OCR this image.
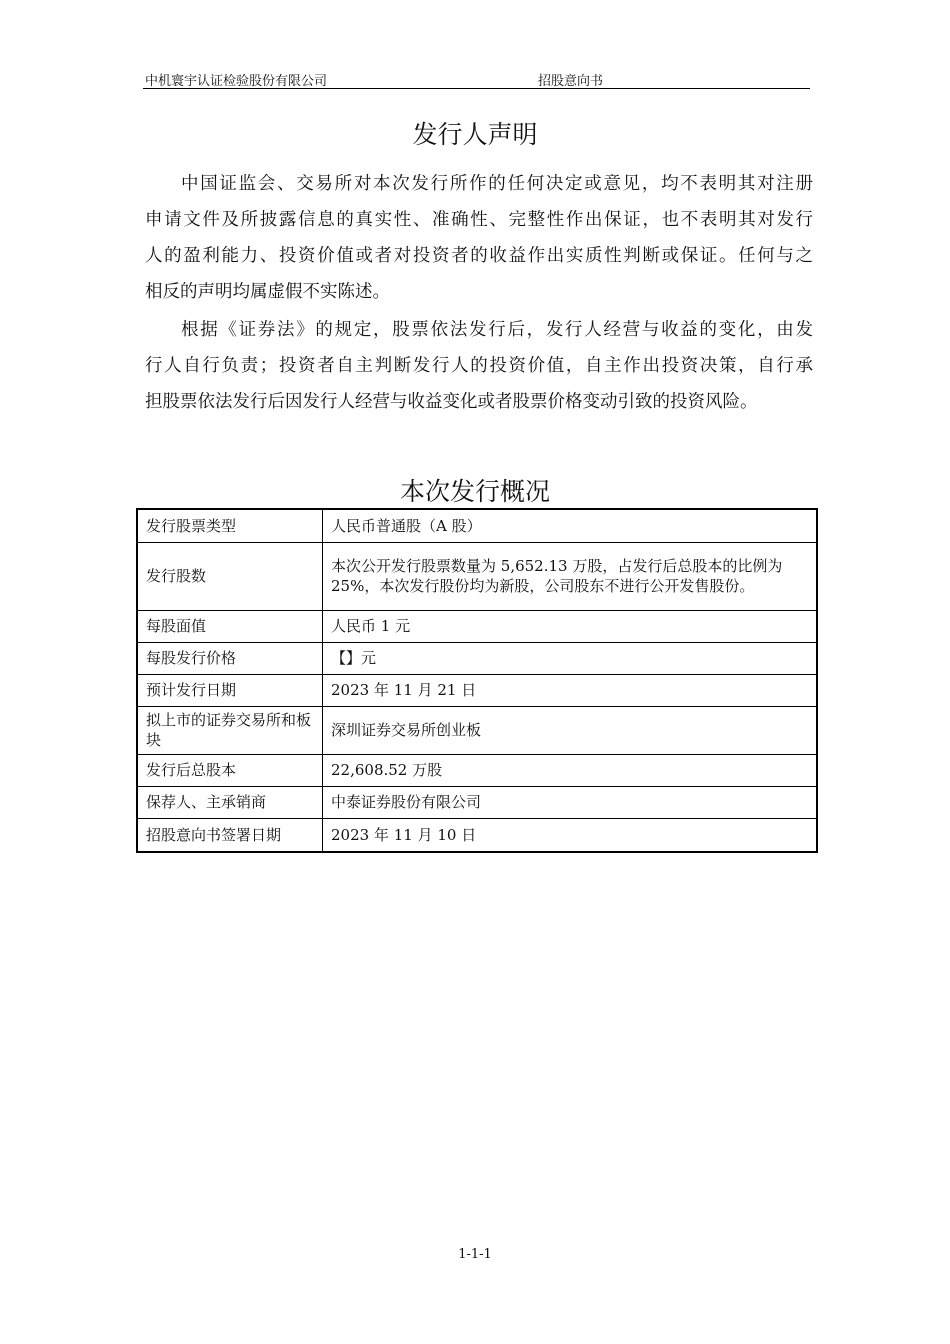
中机寰宇认证检验股份有限公司	招股意向书
发行人声明
中国证监会、交易所对本次发行所作的任何决定或意见，均不表明其对注册
申请文件及所披露信息的真实性、准确性、完整性作出保证，也不表明其对发行
人的盈利能力、投资价值或者对投资者的收益作出实质性判断或保证。任何与之
相反的声明均属虚假不实陈述。
根据《证券法》的规定，股票依法发行后，发行人经营与收益的变化，由发
行人自行负责；投资者自主判断发行人的投资价值，自主作出投资决策，自行承
担股票依法发行后因发行人经营与收益变化或者股票价格变动引致的投资风险。
本次发行概况
发行股票类型	人民币普通股（A 股）
发行股数	本次公开发行股票数量为 5,652.13 万股，占发行后总股本的比例为
25%，本次发行股份均为新股，公司股东不进行公开发售股份。
每股面值	人民币 1 元
每股发行价格	【】元
预计发行日期	2023 年 11 月 21 日
拟上市的证券交易所和板块	深圳证券交易所创业板
发行后总股本	22,608.52 万股
保荐人、主承销商	中泰证券股份有限公司
招股意向书签署日期	2023 年 11 月 10 日
1-1-1
